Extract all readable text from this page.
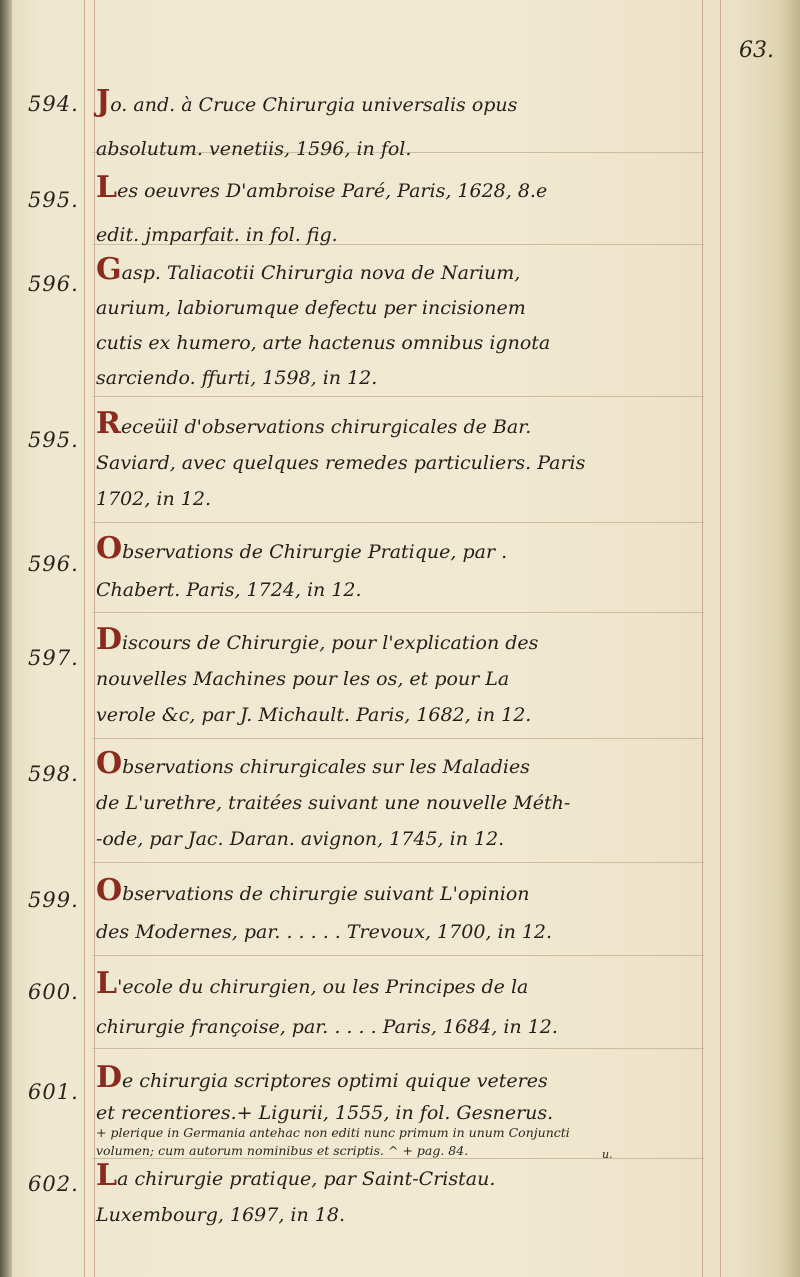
63.
594. Jo. and. à Cruce Chirurgia universalis opus
absolutum. venetiis, 1596, in fol.
595. Les oeuvres D'ambroise Paré, Paris, 1628, 8.e
edit. jmparfait. in fol. fig.
596. Gasp. Taliacotii Chirurgia nova de Narium,
aurium, labiorumque defectu per incisionem
cutis ex humero, arte hactenus omnibus ignota
sarciendo. ffurti, 1598, in 12.
595. Receüil d'observations chirurgicales de Bar.
Saviard, avec quelques remedes particuliers. Paris
1702, in 12.
596. Observations de Chirurgie Pratique, par .
Chabert. Paris, 1724, in 12.
597.
Discours de Chirurgie, pour l'explication des
nouvelles Machines pour les os, et pour La
verole &c, par J. Michault. Paris, 1682, in 12.
598. Observations chirurgicales sur les Maladies
de L'urethre, traitées suivant une nouvelle Méth-
-ode, par Jac. Daran. avignon, 1745, in 12.
599. Observations de chirurgie suivant L'opinion
des Modernes, par. . . . . . Trevoux, 1700, in 12.
600. L'ecole du chirurgien, ou les Principes de la
chirurgie françoise, par. . . . . Paris, 1684, in 12.
601. De chirurgia scriptores optimi quique veteres
et recentiores.+ Ligurii, 1555, in fol. Gesnerus.
+ plerique in Germania antehac non editi nunc primum in unum Conjuncti
volumen; cum autorum nominibus et scriptis. ^ + pag. 84.
602. La chirurgie pratique, par Saint-Cristau.
Luxembourg, 1697, in 18.
u.
